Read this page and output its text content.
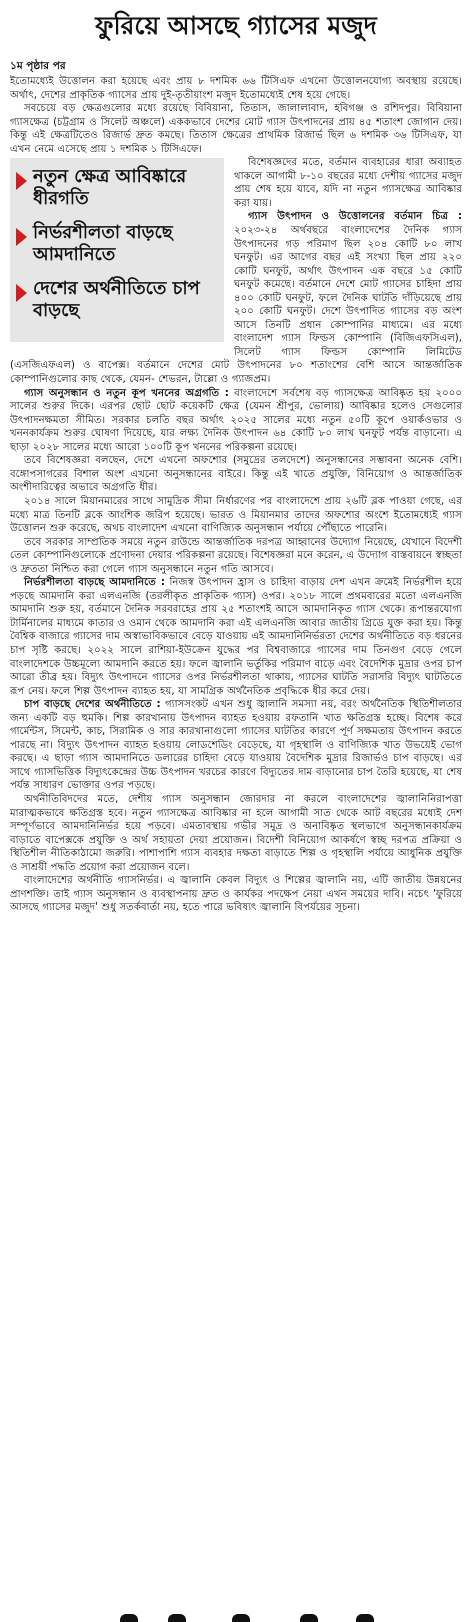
ফুরিয়ে আসছে গ্যাসের মজুদ
১ম পৃষ্ঠার পর

ইতোমধ্যেই উত্তোলন করা হয়েছে এবং প্রায় ৮ দশমিক ৬৬ টিসিএফ এখনো উত্তোলনযোগ্য অবস্থায় রয়েছে। অর্থাৎ, দেশের প্রাকৃতিক গ্যাসের প্রায় দুই-তৃতীয়াংশ মজুদ ইতোমধ্যেই শেষ হয়ে গেছে।

সবচেয়ে বড় ক্ষেত্রগুলোর মধ্যে রয়েছে বিবিয়ানা, তিতাস, জালালাবাদ, হবিগঞ্জ ও রশিদপুর। বিবিয়ানা গ্যাসক্ষেত্র (চট্টগ্রাম ও সিলেট অঞ্চলে) এককভাবে দেশের মোট গ্যাস উৎপাদনের প্রায় ৪৫ শতাংশ জোগান দেয়। কিন্তু এই ক্ষেত্রটিতেও রিজার্ভ দ্রুত কমছে। তিতাস ক্ষেত্রের প্রাথমিক রিজার্ভ ছিল ৬ দশমিক ৩৬ টিসিএফ, যা এখন নেমে এসেছে প্রায় ১ দশমিক ১ টিসিএফে।

নতুন ক্ষেত্র আবিষ্কারে ধীরগতি
নির্ভরশীলতা বাড়ছে আমদানিতে
দেশের অর্থনীতিতে চাপ বাড়ছে

বিশেষজ্ঞদের মতে, বর্তমান ব্যবহারের ধারা অব্যাহত থাকলে আগামী ৮-১০ বছরের মধ্যে দেশীয় গ্যাসের মজুদ প্রায় শেষ হয়ে যাবে, যদি না নতুন গ্যাসক্ষেত্র আবিষ্কার করা যায়।

গ্যাস উৎপাদন ও উত্তোলনের বর্তমান চিত্র : ২০২৩-২৪ অর্থবছরে বাংলাদেশের দৈনিক গ্যাস উৎপাদনের গড় পরিমাণ ছিল ২০৪ কোটি ৮০ লাখ ঘনফুট। এর আগের বছর এই সংখ্যা ছিল প্রায় ২২০ কোটি ঘনফুট, অর্থাৎ উৎপাদন এক বছরে ১৫ কোটি ঘনফুট কমেছে। বর্তমানে দেশে মোট গ্যাসের চাহিদা প্রায় ৪০০ কোটি ঘনফুট, ফলে দৈনিক ঘাটতি দাঁড়িয়েছে প্রায় ২০০ কোটি ঘনফুট। দেশে উৎপাদিত গ্যাসের বড় অংশ আসে তিনটি প্রধান কোম্পানির মাধ্যমে। এর মধ্যে বাংলাদেশ গ্যাস ফিল্ডস কোম্পানি (বিজিএফসিএল), সিলেট গ্যাস ফিল্ডস কোম্পানি লিমিটেড (এসজিএফএল) ও বাপেক্স। বর্তমানে দেশের মোট উৎপাদনের ৮০ শতাংশের বেশি আসে আন্তর্জাতিক কোম্পানিগুলোর কাছ থেকে, যেমন- শেভরন, টাল্লো ও গ্যাজপ্রম।

গ্যাস অনুসন্ধান ও নতুন কূপ খননের অগ্রগতি : বাংলাদেশে সর্বশেষ বড় গ্যাসক্ষেত্র আবিষ্কৃত হয় ২০০০ সালের শুরুর দিকে। এরপর ছোট ছোট কয়েকটি ক্ষেত্র (যেমন শ্রীপুর, ভোলায়) আবিষ্কার হলেও সেগুলোর উৎপাদনক্ষমতা সীমিত। সরকার চলতি বছর অর্থাৎ ২০২৫ সালের মধ্যে নতুন ৫০টি কূপে ওয়ার্কওভার ও খননকার্যক্রম শুরুর ঘোষণা দিয়েছে, যার লক্ষ্য দৈনিক উৎপাদন ৬৪ কোটি ৮০ লাখ ঘনফুট পর্যন্ত বাড়ানো। এ ছাড়া ২০২৮ সালের মধ্যে আরো ১০০টি কূপ খননের পরিকল্পনা রয়েছে।

তবে বিশেষজ্ঞরা বলছেন, দেশে এখনো অফশোর (সমুদ্রের তলদেশে) অনুসন্ধানের সম্ভাবনা অনেক বেশি। বঙ্গোপসাগরের বিশাল অংশ এখনো অনুসন্ধানের বাইরে। কিন্তু এই খাতে প্রযুক্তি, বিনিয়োগ ও আন্তর্জাতিক অংশীদারিত্বের অভাবে অগ্রগতি ধীর।

২০১৪ সালে মিয়ানমারের সাথে সামুদ্রিক সীমা নির্ধারণের পর বাংলাদেশে প্রায় ২৬টি ব্লক পাওয়া গেছে, এর মধ্যে মাত্র তিনটি ব্লকে আংশিক জরিপ হয়েছে। ভারত ও মিয়ানমার তাদের অফশোর অংশে ইতোমধ্যেই গ্যাস উত্তোলন শুরু করেছে, অথচ বাংলাদেশ এখনো বাণিজ্যিক অনুসন্ধান পর্যায়ে পৌঁছাতে পারেনি।

তবে সরকার সাম্প্রতিক সময়ে নতুন রাউন্ডে আন্তর্জাতিক দরপত্র আহ্বানের উদ্যোগ নিয়েছে, যেখানে বিদেশী তেল কোম্পানিগুলোকে প্রণোদনা দেয়ার পরিকল্পনা রয়েছে। বিশেষজ্ঞরা মনে করেন, এ উদ্যোগ বাস্তবায়নে স্বচ্ছতা ও দ্রুততা নিশ্চিত করা গেলে গ্যাস অনুসন্ধানে নতুন গতি আসবে।

নির্ভরশীলতা বাড়ছে আমদানিতে : নিজস্ব উৎপাদন হ্রাস ও চাহিদা বাড়ায় দেশ এখন ক্রমেই নির্ভরশীল হয়ে পড়ছে আমদানি করা এলএনজি (তরলীকৃত প্রাকৃতিক গ্যাস) ওপর। ২০১৮ সালে প্রথমবারের মতো এলএনজি আমদানি শুরু হয়, বর্তমানে দৈনিক সরবরাহের প্রায় ২৫ শতাংশই আসে আমদানিকৃত গ্যাস থেকে। রূপান্তরযোগ্য টার্মিনালের মাধ্যমে কাতার ও ওমান থেকে আমদানি করা এই এলএনজি আবার জাতীয় গ্রিডে যুক্ত করা হয়। কিন্তু বৈশ্বিক বাজারে গ্যাসের দাম অস্বাভাবিকভাবে বেড়ে যাওয়ায় এই আমদানিনির্ভরতা দেশের অর্থনীতিতে বড় ধরনের চাপ সৃষ্টি করছে। ২০২২ সালে রাশিয়া-ইউক্রেন যুদ্ধের পর বিশ্ববাজারে গ্যাসের দাম তিনগুণ বেড়ে গেলে বাংলাদেশকে উচ্চমূল্যে আমদানি করতে হয়। ফলে জ্বালানি ভর্তুকির পরিমাণ বাড়ে এবং বৈদেশিক মুদ্রার ওপর চাপ আরো তীব্র হয়। বিদ্যুৎ উৎপাদনে গ্যাসের ওপর নির্ভরশীলতা থাকায়, গ্যাসের ঘাটতি সরাসরি বিদ্যুৎ ঘাটতিতে রূপ নেয়। ফলে শিল্প উৎপাদন ব্যাহত হয়, যা সামগ্রিক অর্থনৈতিক প্রবৃদ্ধিকে ধীর করে দেয়।

চাপ বাড়ছে দেশের অর্থনীতিতে : গ্যাসসংকট এখন শুধু জ্বালানি সমস্যা নয়, বরং অর্থনৈতিক স্থিতিশীলতার জন্য একটি বড় হুমকি। শিল্প কারখানায় উৎপাদন ব্যাহত হওয়ায় রফতানি খাত ক্ষতিগ্রস্ত হচ্ছে। বিশেষ করে গার্মেন্টস, সিমেন্ট, কাচ, সিরামিক ও সার কারখানাগুলো গ্যাসের ঘাটতির কারণে পূর্ণ সক্ষমতায় উৎপাদন করতে পারছে না। বিদ্যুৎ উৎপাদন ব্যাহত হওয়ায় লোডশেডিং বেড়েছে, যা গৃহস্থালি ও বাণিজ্যিক খাত উভয়েই ভোগ করছে। এ ছাড়া গ্যাস আমদানিতে ডলারের চাহিদা বেড়ে যাওয়ায় বৈদেশিক মুদ্রার রিজার্ভও চাপ বাড়ছে। এর সাথে গ্যাসভিত্তিক বিদ্যুৎকেন্দ্রের উচ্চ উৎপাদন খরচের কারণে বিদ্যুতের দাম বাড়ানোর চাপ তৈরি হয়েছে, যা শেষ পর্যন্ত সাধারণ ভোক্তার ওপর পড়ছে।

অর্থনীতিবিদদের মতে, দেশীয় গ্যাস অনুসন্ধান জোরদার না করলে বাংলাদেশের জ্বালানিনিরাপত্তা মারাত্মকভাবে ক্ষতিগ্রস্ত হবে। নতুন গ্যাসক্ষেত্র আবিষ্কার না হলে আগামী সাত থেকে আট বছরের মধ্যেই দেশ সম্পূর্ণভাবে আমদানিনির্ভর হয়ে পড়বে। এমতাবস্থায় গভীর সমুদ্র ও অনাবিষ্কৃত স্থলভাগে অনুসন্ধানকার্যক্রম বাড়াতে বাপেক্সকে প্রযুক্তি ও অর্থ সহায়তা দেয়া প্রয়োজন। বিদেশী বিনিয়োগ আকর্ষণে স্বচ্ছ দরপত্র প্রক্রিয়া ও স্থিতিশীল নীতিকাঠামো জরুরি। পাশাপাশি গ্যাস ব্যবহার দক্ষতা বাড়াতে শিল্প ও গৃহস্থালি পর্যায়ে আধুনিক প্রযুক্তি ও সাশ্রয়ী পদ্ধতি প্রয়োগ করা প্রয়োজন বলে।

বাংলাদেশের অর্থনীতি গ্যাসনির্ভর। এ জ্বালানি কেবল বিদ্যুৎ ও শিল্পের জ্বালানি নয়, এটি জাতীয় উন্নয়নের প্রাণশক্তি। তাই গ্যাস অনুসন্ধান ও ব্যবস্থাপনায় দ্রুত ও কার্যকর পদক্ষেপ নেয়া এখন সময়ের দাবি। নচেৎ 'ফুরিয়ে আসছে গ্যাসের মজুদ' শুধু সতর্কবার্তা নয়, হতে পারে ভবিষ্যৎ জ্বালানি বিপর্যয়ের সূচনা।
